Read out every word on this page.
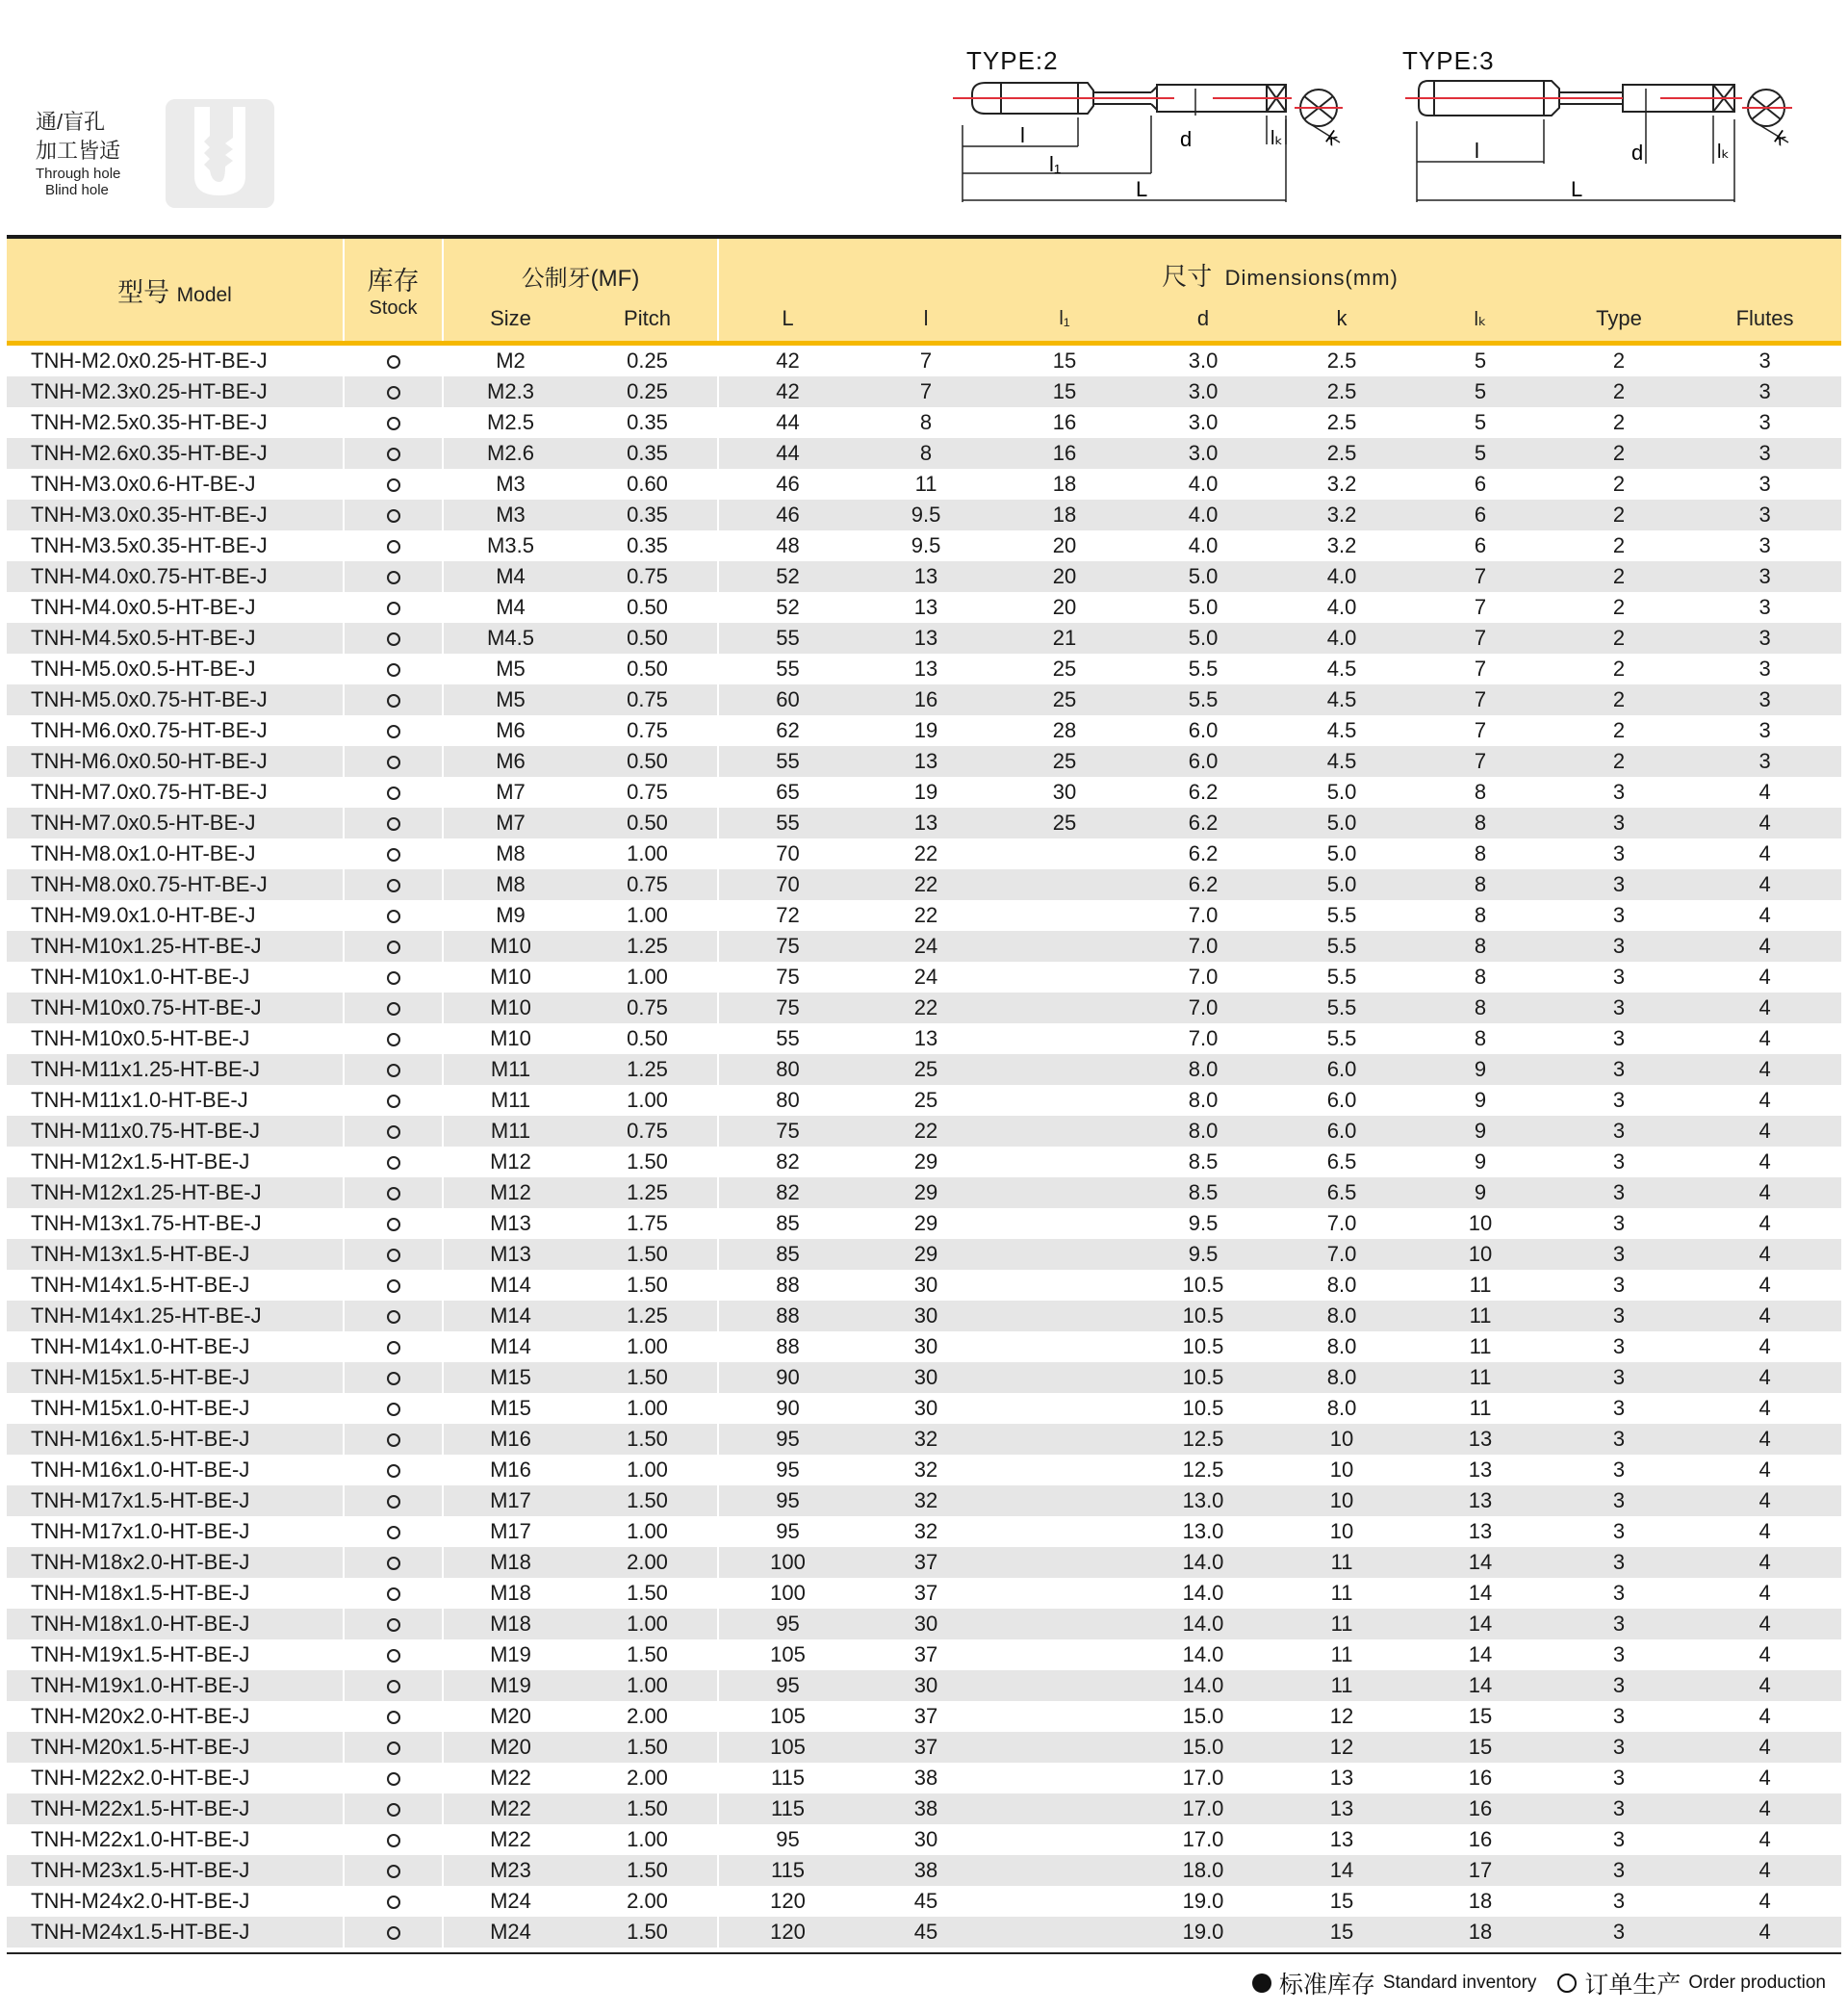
通/盲孔
加工皆适
Through hole
Blind hole
TYPE:2	TYPE:3
l
l₁
L
d	lₖ k
l
L
d	lₖ
k
型号 Model	库存
Stock	公制牙(MF)		尺寸 Dimensions(mm)							
		Size	Pitch	L	l	l₁	d	k	lₖ	Type	Flutes

TNH-M2.0x0.25-HT-BE-J		M2	0.25	42	7	15	3.0	2.5	5	2	3
TNH-M2.3x0.25-HT-BE-J		M2.3	0.25	42	7	15	3.0	2.5	5	2	3
TNH-M2.5x0.35-HT-BE-J		M2.5	0.35	44	8	16	3.0	2.5	5	2	3
TNH-M2.6x0.35-HT-BE-J		M2.6	0.35	44	8	16	3.0	2.5	5	2	3
TNH-M3.0x0.6-HT-BE-J		M3	0.60	46	11	18	4.0	3.2	6	2	3
TNH-M3.0x0.35-HT-BE-J		M3	0.35	46	9.5	18	4.0	3.2	6	2	3
TNH-M3.5x0.35-HT-BE-J		M3.5	0.35	48	9.5	20	4.0	3.2	6	2	3
TNH-M4.0x0.75-HT-BE-J		M4	0.75	52	13	20	5.0	4.0	7	2	3
TNH-M4.0x0.5-HT-BE-J		M4	0.50	52	13	20	5.0	4.0	7	2	3
TNH-M4.5x0.5-HT-BE-J		M4.5	0.50	55	13	21	5.0	4.0	7	2	3
TNH-M5.0x0.5-HT-BE-J		M5	0.50	55	13	25	5.5	4.5	7	2	3
TNH-M5.0x0.75-HT-BE-J		M5	0.75	60	16	25	5.5	4.5	7	2	3
TNH-M6.0x0.75-HT-BE-J		M6	0.75	62	19	28	6.0	4.5	7	2	3
TNH-M6.0x0.50-HT-BE-J		M6	0.50	55	13	25	6.0	4.5	7	2	3
TNH-M7.0x0.75-HT-BE-J		M7	0.75	65	19	30	6.2	5.0	8	3	4
TNH-M7.0x0.5-HT-BE-J		M7	0.50	55	13	25	6.2	5.0	8	3	4
TNH-M8.0x1.0-HT-BE-J		M8	1.00	70	22		6.2	5.0	8	3	4
TNH-M8.0x0.75-HT-BE-J		M8	0.75	70	22		6.2	5.0	8	3	4
TNH-M9.0x1.0-HT-BE-J		M9	1.00	72	22		7.0	5.5	8	3	4
TNH-M10x1.25-HT-BE-J		M10	1.25	75	24		7.0	5.5	8	3	4
TNH-M10x1.0-HT-BE-J		M10	1.00	75	24		7.0	5.5	8	3	4
TNH-M10x0.75-HT-BE-J		M10	0.75	75	22		7.0	5.5	8	3	4
TNH-M10x0.5-HT-BE-J		M10	0.50	55	13		7.0	5.5	8	3	4
TNH-M11x1.25-HT-BE-J		M11	1.25	80	25		8.0	6.0	9	3	4
TNH-M11x1.0-HT-BE-J		M11	1.00	80	25		8.0	6.0	9	3	4
TNH-M11x0.75-HT-BE-J		M11	0.75	75	22		8.0	6.0	9	3	4
TNH-M12x1.5-HT-BE-J		M12	1.50	82	29		8.5	6.5	9	3	4
TNH-M12x1.25-HT-BE-J		M12	1.25	82	29		8.5	6.5	9	3	4
TNH-M13x1.75-HT-BE-J		M13	1.75	85	29		9.5	7.0	10	3	4
TNH-M13x1.5-HT-BE-J		M13	1.50	85	29		9.5	7.0	10	3	4
TNH-M14x1.5-HT-BE-J		M14	1.50	88	30		10.5	8.0	11	3	4
TNH-M14x1.25-HT-BE-J		M14	1.25	88	30		10.5	8.0	11	3	4
TNH-M14x1.0-HT-BE-J		M14	1.00	88	30		10.5	8.0	11	3	4
TNH-M15x1.5-HT-BE-J		M15	1.50	90	30		10.5	8.0	11	3	4
TNH-M15x1.0-HT-BE-J		M15	1.00	90	30		10.5	8.0	11	3	4
TNH-M16x1.5-HT-BE-J		M16	1.50	95	32		12.5	10	13	3	4
TNH-M16x1.0-HT-BE-J		M16	1.00	95	32		12.5	10	13	3	4
TNH-M17x1.5-HT-BE-J		M17	1.50	95	32		13.0	10	13	3	4
TNH-M17x1.0-HT-BE-J		M17	1.00	95	32		13.0	10	13	3	4
TNH-M18x2.0-HT-BE-J		M18	2.00	100	37		14.0	11	14	3	4
TNH-M18x1.5-HT-BE-J		M18	1.50	100	37		14.0	11	14	3	4
TNH-M18x1.0-HT-BE-J		M18	1.00	95	30		14.0	11	14	3	4
TNH-M19x1.5-HT-BE-J		M19	1.50	105	37		14.0	11	14	3	4
TNH-M19x1.0-HT-BE-J		M19	1.00	95	30		14.0	11	14	3	4
TNH-M20x2.0-HT-BE-J		M20	2.00	105	37		15.0	12	15	3	4
TNH-M20x1.5-HT-BE-J		M20	1.50	105	37		15.0	12	15	3	4
TNH-M22x2.0-HT-BE-J		M22	2.00	115	38		17.0	13	16	3	4
TNH-M22x1.5-HT-BE-J		M22	1.50	115	38		17.0	13	16	3	4
TNH-M22x1.0-HT-BE-J		M22	1.00	95	30		17.0	13	16	3	4
TNH-M23x1.5-HT-BE-J		M23	1.50	115	38		18.0	14	17	3	4
TNH-M24x2.0-HT-BE-J		M24	2.00	120	45		19.0	15	18	3	4
TNH-M24x1.5-HT-BE-J		M24	1.50	120	45		19.0	15	18	3	4
标准库存 Standard inventory 订单生产 Order production
